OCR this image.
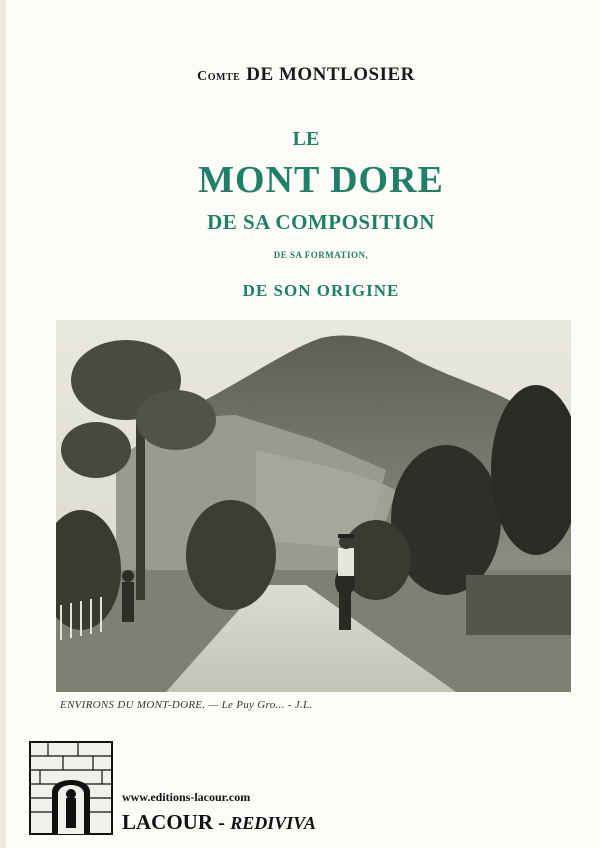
Comte DE MONTLOSIER
LE
MONT DORE
DE SA COMPOSITION
DE SA FORMATION,
DE SON ORIGINE
ENVIRONS DU MONT-DORE. — Le Puy Gro... - J.L.
www.editions-lacour.com
LACOUR - REDIVIVA
